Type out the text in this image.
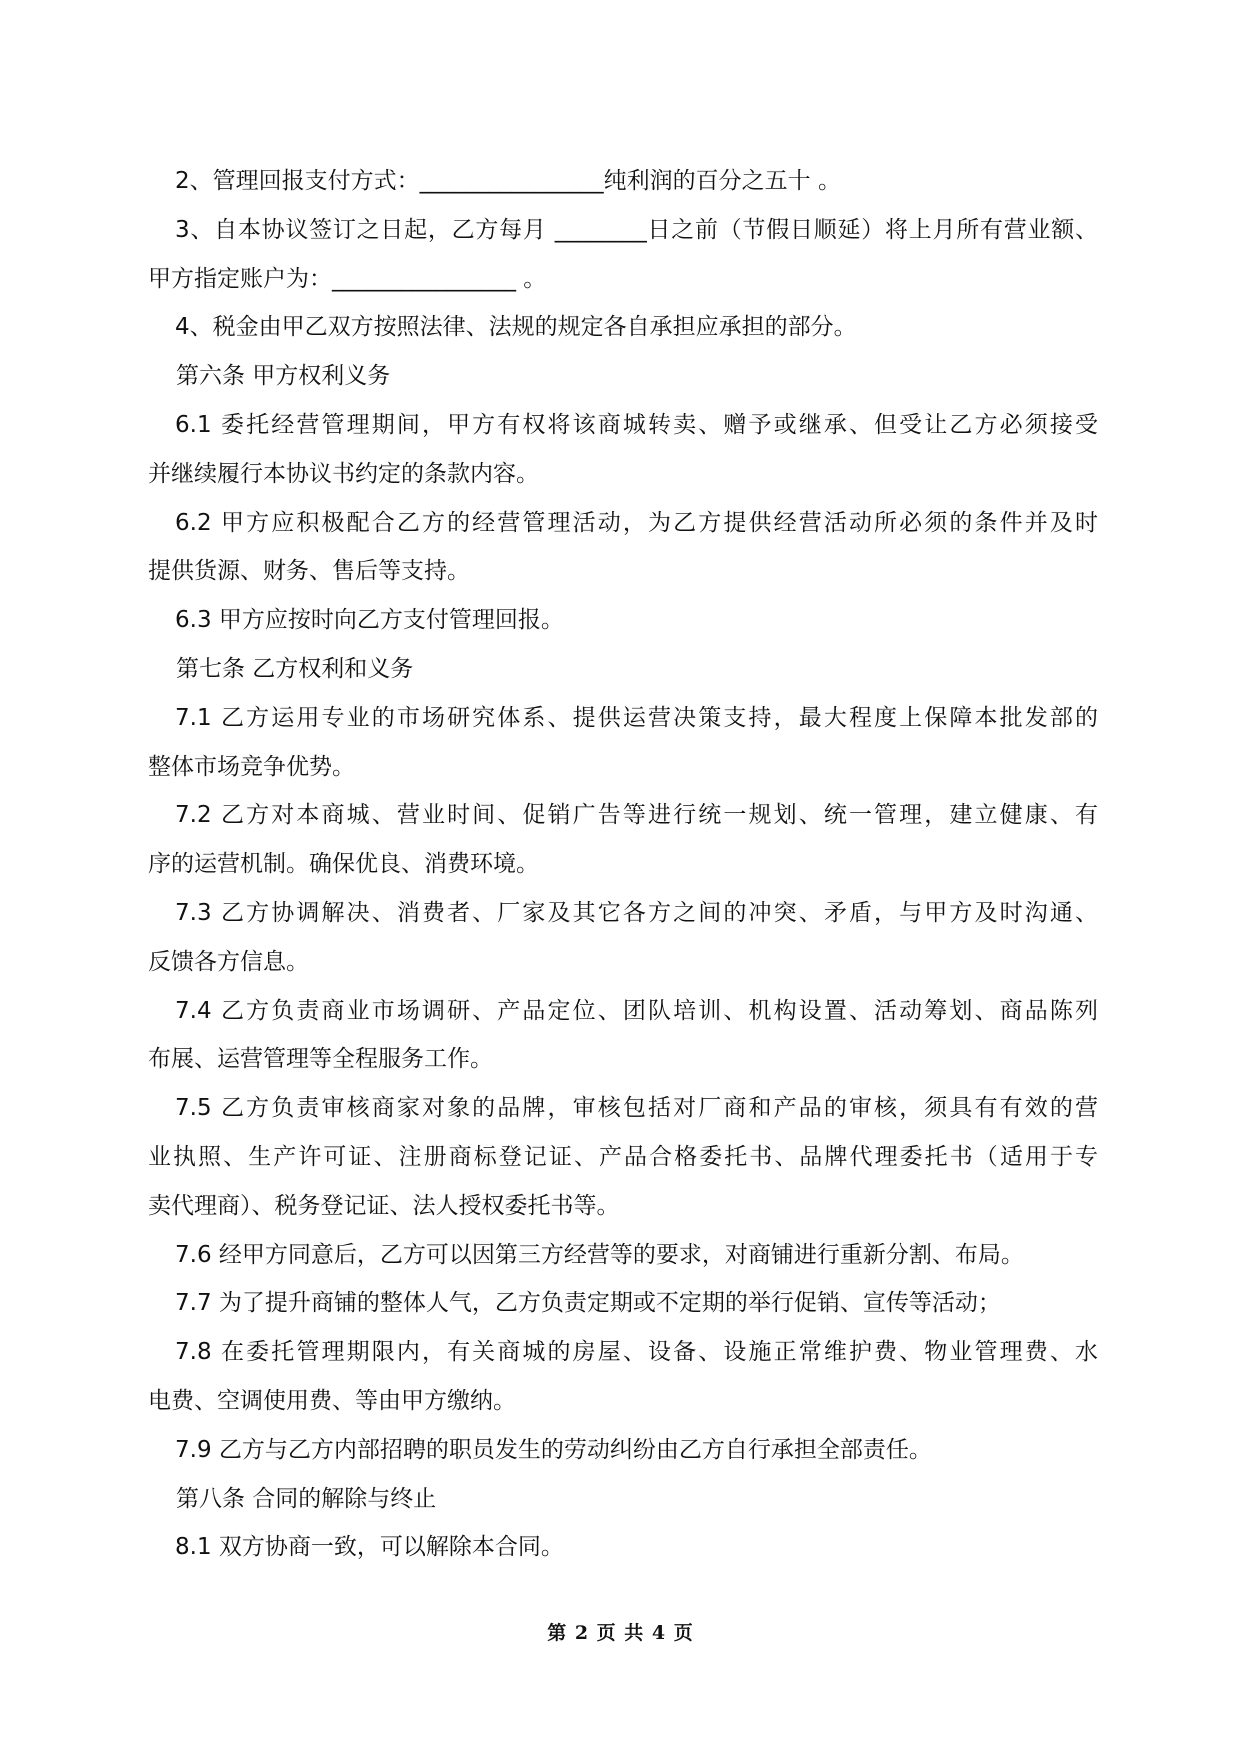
2、管理回报支付方式：________________纯利润的百分之五十 。
3、自本协议签订之日起，乙方每月 ________日之前（节假日顺延）将上月所有营业额、
甲方指定账户为：________________ 。
4、税金由甲乙双方按照法律、法规的规定各自承担应承担的部分。
第六条 甲方权利义务
6.1 委托经营管理期间，甲方有权将该商城转卖、赠予或继承、但受让乙方必须接受
并继续履行本协议书约定的条款内容。
6.2 甲方应积极配合乙方的经营管理活动，为乙方提供经营活动所必须的条件并及时
提供货源、财务、售后等支持。
6.3 甲方应按时向乙方支付管理回报。
第七条 乙方权利和义务
7.1 乙方运用专业的市场研究体系、提供运营决策支持，最大程度上保障本批发部的
整体市场竞争优势。
7.2 乙方对本商城、营业时间、促销广告等进行统一规划、统一管理，建立健康、有
序的运营机制。确保优良、消费环境。
7.3 乙方协调解决、消费者、厂家及其它各方之间的冲突、矛盾，与甲方及时沟通、
反馈各方信息。
7.4 乙方负责商业市场调研、产品定位、团队培训、机构设置、活动筹划、商品陈列
布展、运营管理等全程服务工作。
7.5 乙方负责审核商家对象的品牌，审核包括对厂商和产品的审核，须具有有效的营
业执照、生产许可证、注册商标登记证、产品合格委托书、品牌代理委托书（适用于专
卖代理商）、税务登记证、法人授权委托书等。
7.6 经甲方同意后，乙方可以因第三方经营等的要求，对商铺进行重新分割、布局。
7.7 为了提升商铺的整体人气，乙方负责定期或不定期的举行促销、宣传等活动；
7.8 在委托管理期限内，有关商城的房屋、设备、设施正常维护费、物业管理费、水
电费、空调使用费、等由甲方缴纳。
7.9 乙方与乙方内部招聘的职员发生的劳动纠纷由乙方自行承担全部责任。
第八条 合同的解除与终止
8.1 双方协商一致，可以解除本合同。
第 2 页 共 4 页
